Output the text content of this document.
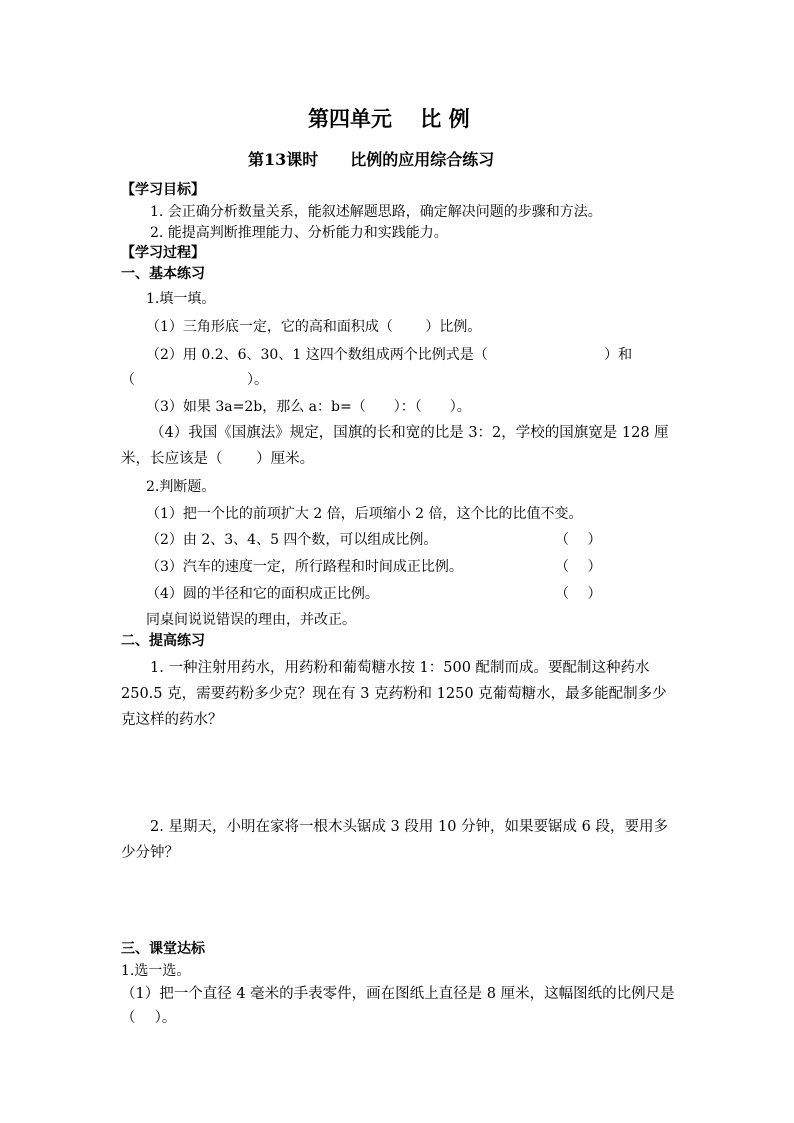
第四单元　 比 例
第13课时　　比例的应用综合练习
【学习目标】
1. 会正确分析数量关系，能叙述解题思路，确定解决问题的步骤和方法。
2. 能提高判断推理能力、分析能力和实践能力。
【学习过程】
一、基本练习
1.填一填。
（1）三角形底一定，它的高和面积成（　　 ）比例。
（2）用 0.2、6、30、1 这四个数组成两个比例式是（　　　　　　　　 ）和
（　　　　　　　　）。
（3）如果 3a=2b，那么 a：b=（　　）：（　　）。
（4）我国《国旗法》规定，国旗的长和宽的比是 3：2，学校的国旗宽是 128 厘米，长应该是（　　 ）厘米。
2.判断题。
（1）把一个比的前项扩大 2 倍，后项缩小 2 倍，这个比的比值不变。
（2）由 2、3、4、5 四个数，可以组成比例。	（　 ）
（3）汽车的速度一定，所行路程和时间成正比例。	（　 ）
（4）圆的半径和它的面积成正比例。	（　 ）
同桌间说说错误的理由，并改正。
二、提高练习
1. 一种注射用药水，用药粉和葡萄糖水按 1：500 配制而成。要配制这种药水 250.5 克，需要药粉多少克？现在有 3 克药粉和 1250 克葡萄糖水，最多能配制多少克这样的药水？
2. 星期天，小明在家将一根木头锯成 3 段用 10 分钟，如果要锯成 6 段，要用多少分钟？
三、课堂达标
1.选一选。
（1）把一个直径 4 毫米的手表零件，画在图纸上直径是 8 厘米，这幅图纸的比例尺是（　 ）。
